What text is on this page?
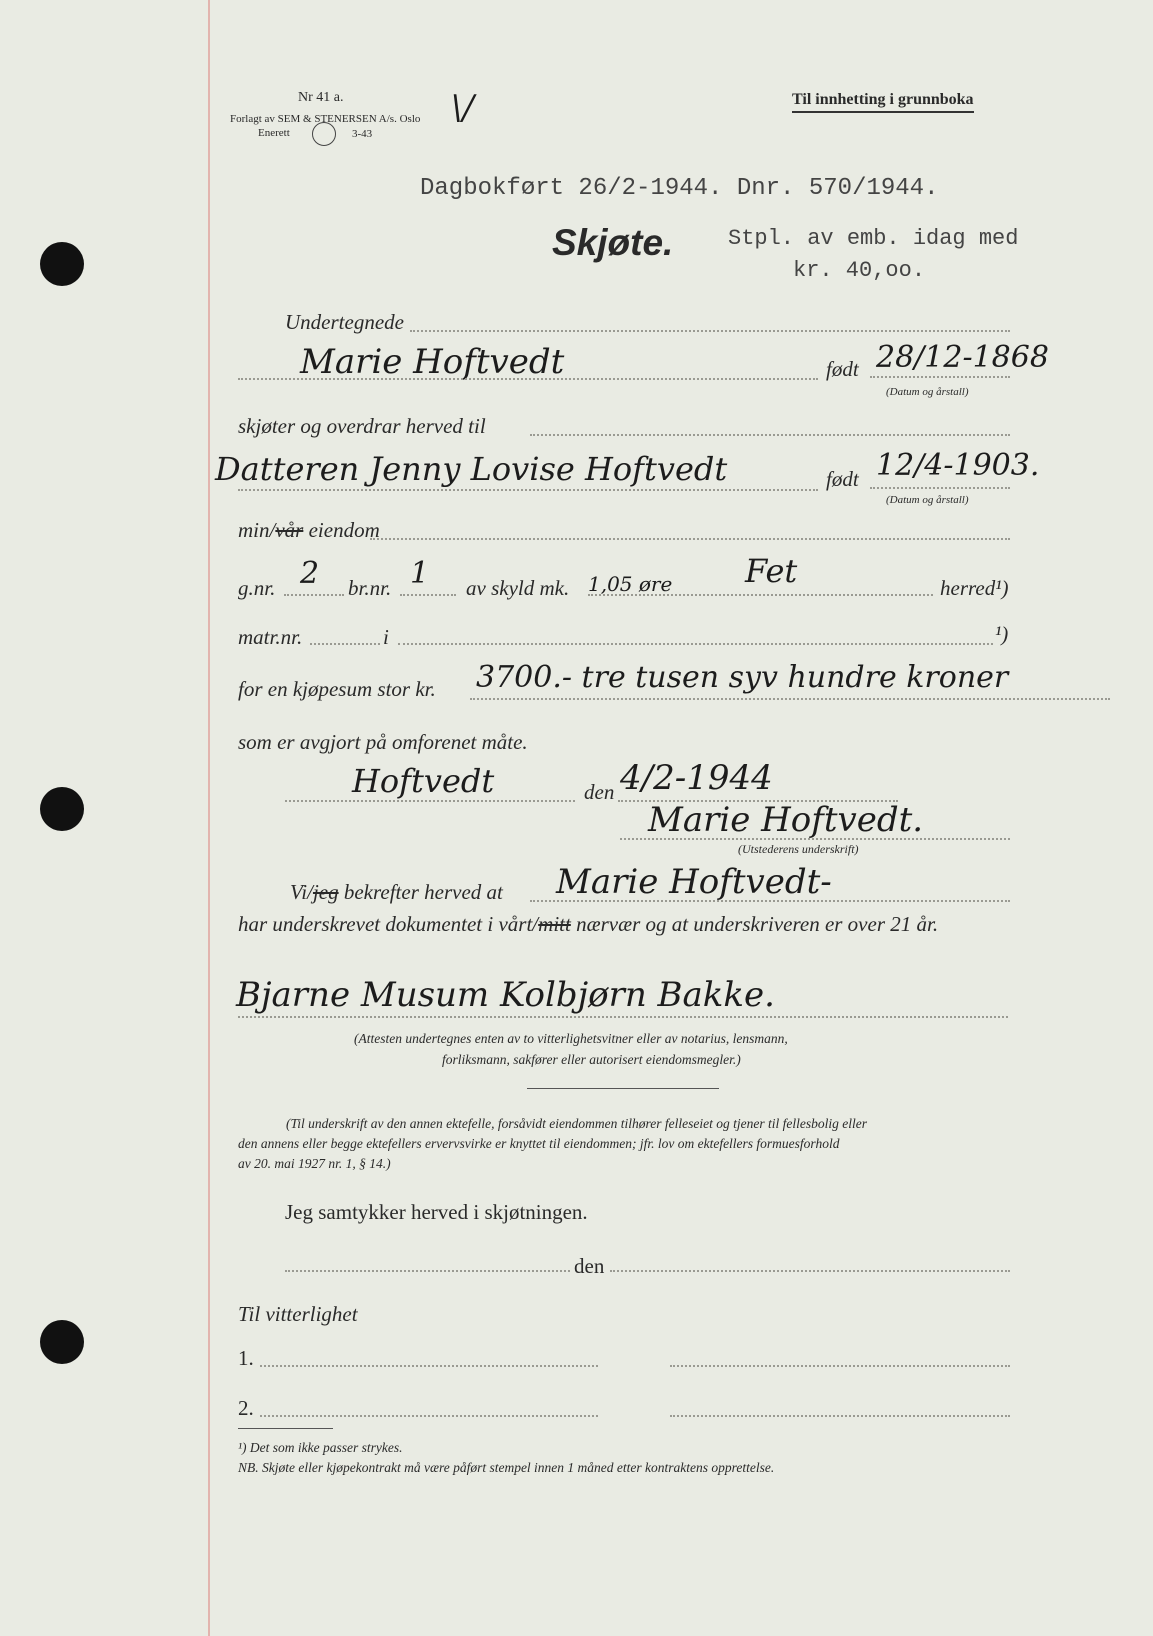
Nr 41 a.
Forlagt av SEM & STENERSEN A/s. Oslo
Enerett	3-43
\/	Til innhetting i grunnboka
Dagbokført 26/2-1944. Dnr. 570/1944.
Skjøte. Stpl. av emb. idag med
kr. 40,oo.
Undertegnede
Marie Hoftvedt	født 28/12-1868
(Datum og årstall)
skjøter og overdrar herved til
Datteren Jenny Lovise Hoftvedt	født 12/4-1903.
(Datum og årstall)
min/vår eiendom
g.nr. 2 br.nr. 1 av skyld mk. 1,05 øre Fet	herred¹)
matr.nr.	i	¹)
for en kjøpesum stor kr. 3700.- tre tusen syv hundre kroner
som er avgjort på omforenet måte.
Hoftvedt	den 4/2-1944
Marie Hoftvedt.
(Utstederens underskrift)
Vi/jeg bekrefter herved at Marie Hoftvedt-
har underskrevet dokumentet i vårt/mitt nærvær og at underskriveren er over 21 år.
Bjarne Musum Kolbjørn Bakke.
(Attesten undertegnes enten av to vitterlighetsvitner eller av notarius, lensmann,
forliksmann, sakfører eller autorisert eiendomsmegler.)
(Til underskrift av den annen ektefelle, forsåvidt eiendommen tilhører felleseiet og tjener til fellesbolig eller
den annens eller begge ektefellers ervervsvirke er knyttet til eiendommen; jfr. lov om ektefellers formuesforhold
av 20. mai 1927 nr. 1, § 14.)
Jeg samtykker herved i skjøtningen.
den
Til vitterlighet
1.
2.
¹) Det som ikke passer strykes.
NB. Skjøte eller kjøpekontrakt må være påført stempel innen 1 måned etter kontraktens opprettelse.
